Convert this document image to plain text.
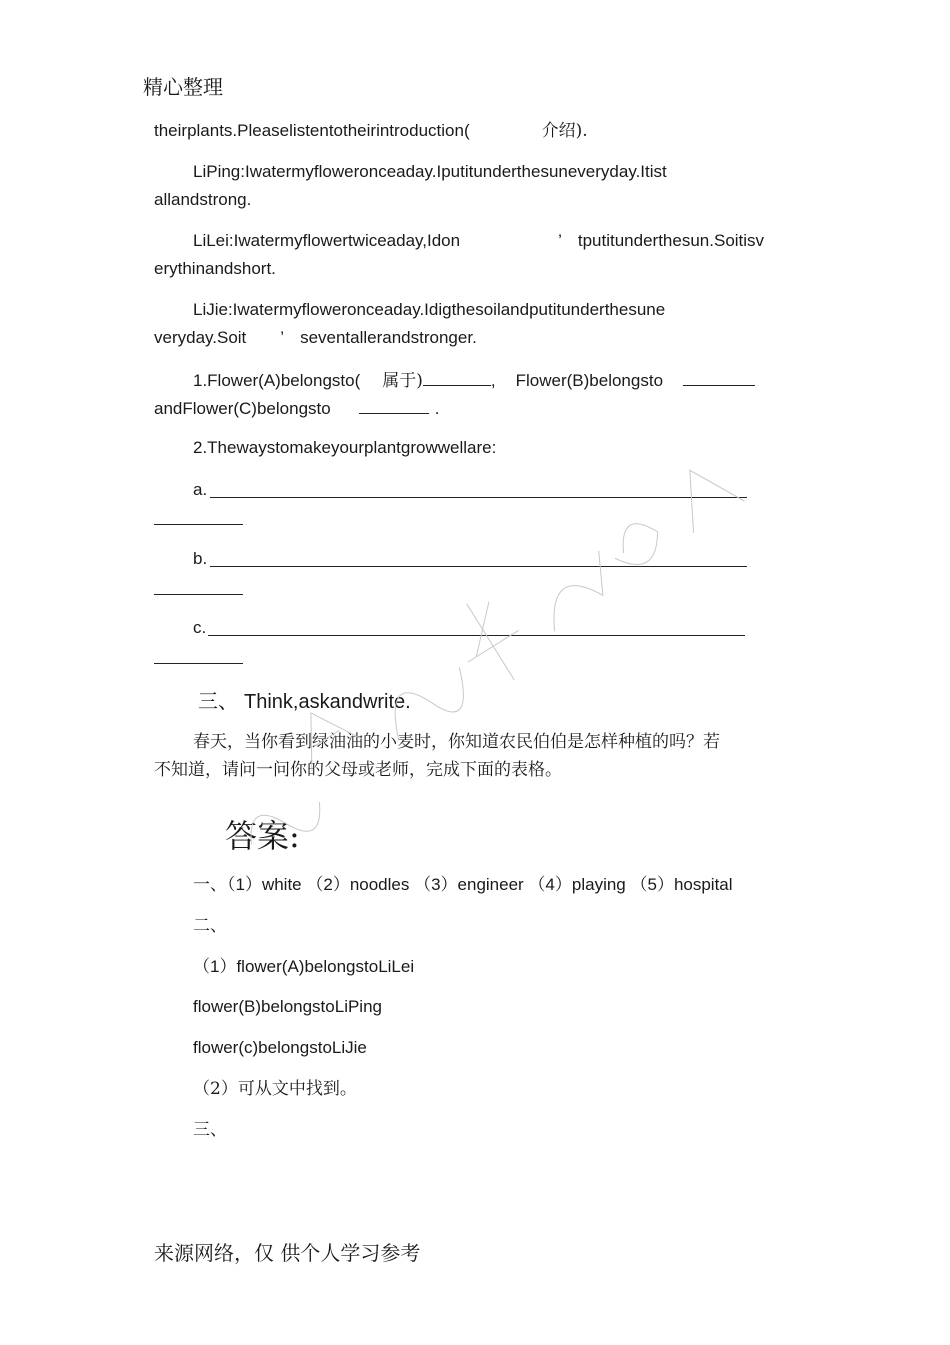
精心整理
theirplants.Pleaselistentotheirintroduction(	介绍).
LiPing:Iwatermyfloweronceaday.Iputitunderthesuneveryday.Itist
allandstrong.
LiLei:Iwatermyflowertwiceaday,Idon	’ tputitunderthesun.Soitisv
erythinandshort.
LiJie:Iwatermyfloweronceaday.Idigthesoilandputitunderthesune
veryday.Soit ’ seventallerandstronger.
1.Flower(A)belongsto( 属于)	, Flower(B)belongsto
andFlower(C)belongsto	.
2.Thewaystomakeyourplantgrowwellare:
a.
b.
c.
三、 Think,askandwrite.
春天，当你看到绿油油的小麦时，你知道农民伯伯是怎样种植的吗？若
不知道，请问一问你的父母或老师，完成下面的表格。
答案:
一、（1）white （2）noodles （3）engineer （4）playing （5）hospital
二、
（1）flower(A)belongstoLiLei
flower(B)belongstoLiPing
flower(c)belongstoLiJie
（2）可从文中找到。
三、
来源网络，仅 供个人学习参考
